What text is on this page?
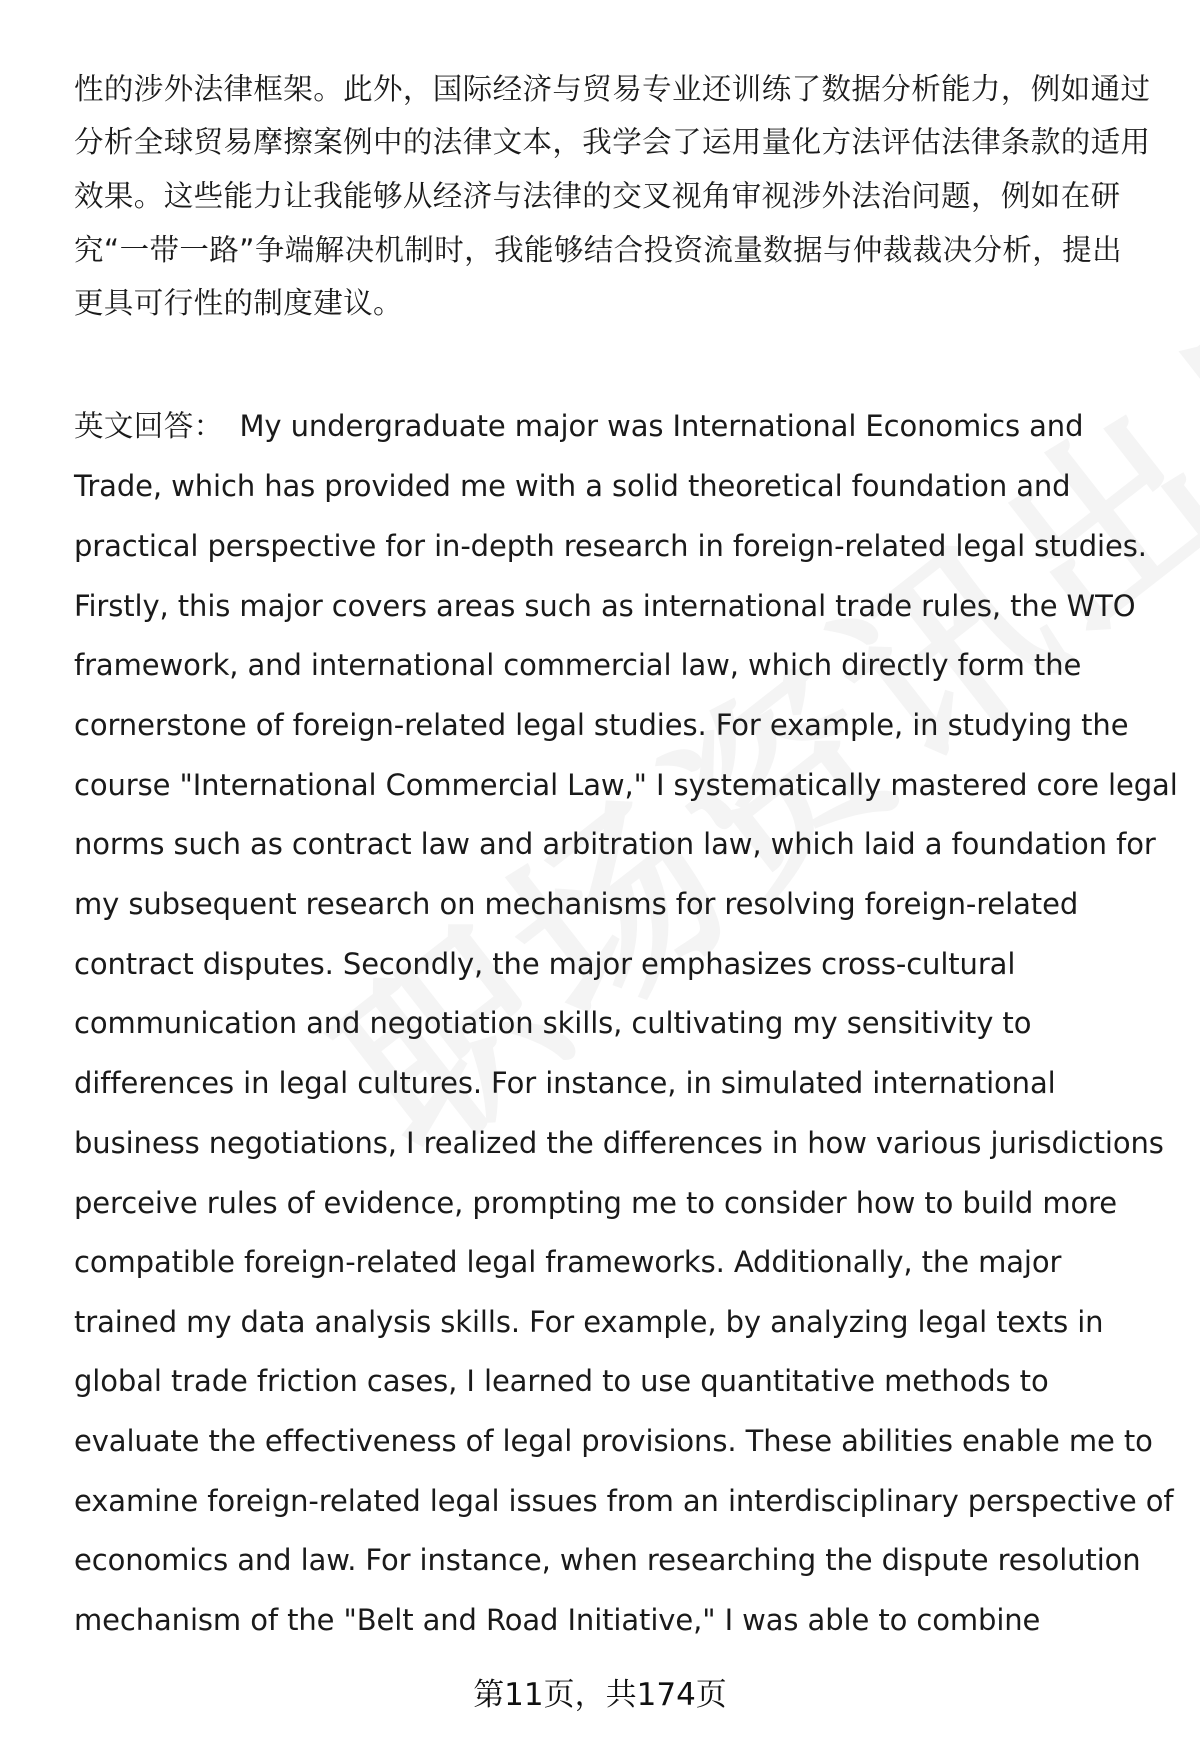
性的涉外法律框架。此外，国际经济与贸易专业还训练了数据分析能力，例如通过
分析全球贸易摩擦案例中的法律文本，我学会了运用量化方法评估法律条款的适用
效果。这些能力让我能够从经济与法律的交叉视角审视涉外法治问题，例如在研
究“一带一路”争端解决机制时，我能够结合投资流量数据与仲裁裁决分析，提出
更具可行性的制度建议。
英文回答： My undergraduate major was International Economics and
Trade, which has provided me with a solid theoretical foundation and
practical perspective for in-depth research in foreign-related legal studies.
Firstly, this major covers areas such as international trade rules, the WTO
framework, and international commercial law, which directly form the
cornerstone of foreign-related legal studies. For example, in studying the
course "International Commercial Law," I systematically mastered core legal
norms such as contract law and arbitration law, which laid a foundation for
my subsequent research on mechanisms for resolving foreign-related
contract disputes. Secondly, the major emphasizes cross-cultural
communication and negotiation skills, cultivating my sensitivity to
differences in legal cultures. For instance, in simulated international
business negotiations, I realized the differences in how various jurisdictions
perceive rules of evidence, prompting me to consider how to build more
compatible foreign-related legal frameworks. Additionally, the major
trained my data analysis skills. For example, by analyzing legal texts in
global trade friction cases, I learned to use quantitative methods to
evaluate the effectiveness of legal provisions. These abilities enable me to
examine foreign-related legal issues from an interdisciplinary perspective of
economics and law. For instance, when researching the dispute resolution
mechanism of the "Belt and Road Initiative," I was able to combine
第11页，共174页
